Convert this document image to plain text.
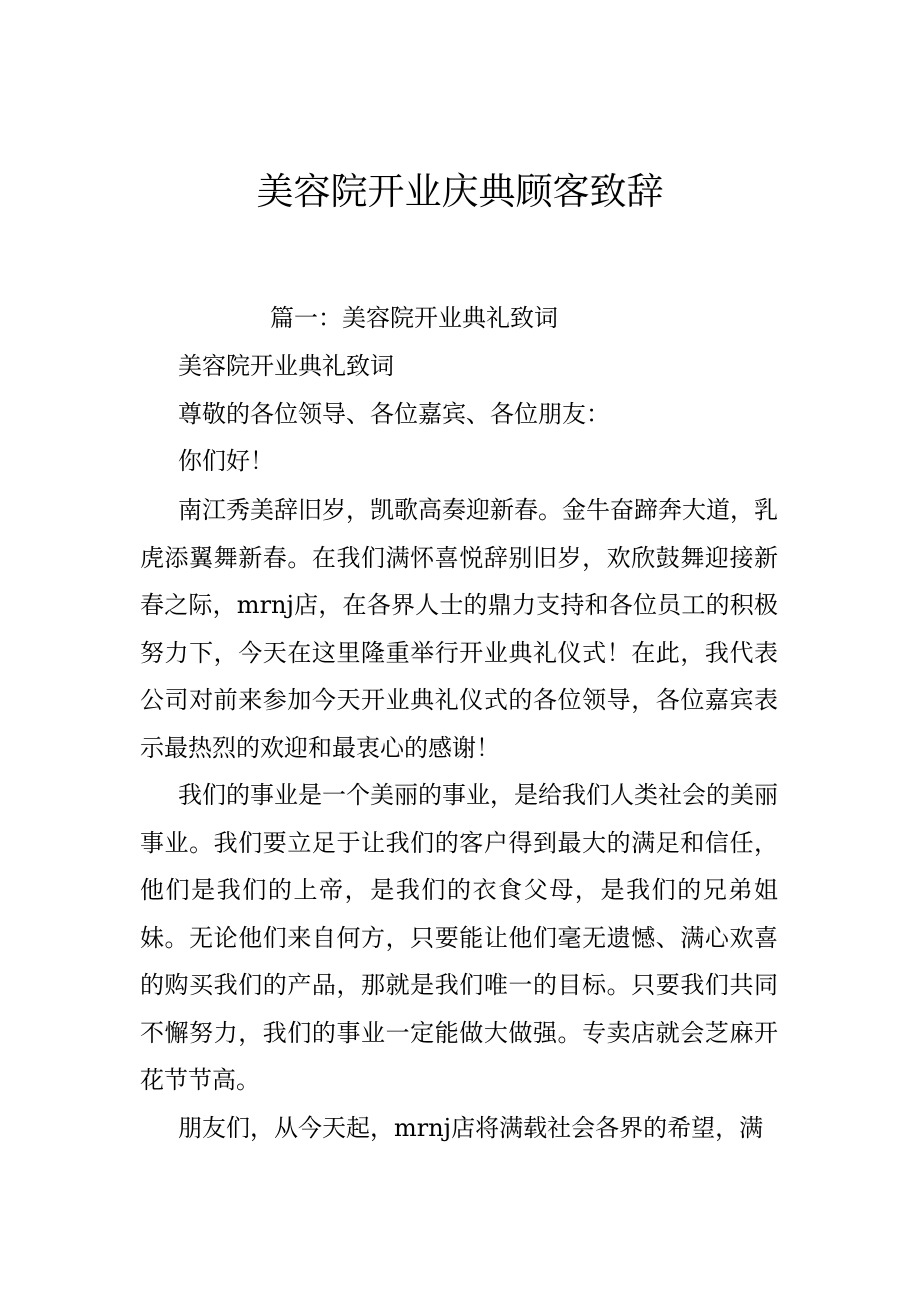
美容院开业庆典顾客致辞

篇一：美容院开业典礼致词

美容院开业典礼致词

尊敬的各位领导、各位嘉宾、各位朋友：

你们好！

南江秀美辞旧岁，凯歌高奏迎新春。金牛奋蹄奔大道，乳虎添翼舞新春。在我们满怀喜悦辞别旧岁，欢欣鼓舞迎接新春之际，mrnj店，在各界人士的鼎力支持和各位员工的积极努力下，今天在这里隆重举行开业典礼仪式！在此，我代表公司对前来参加今天开业典礼仪式的各位领导，各位嘉宾表示最热烈的欢迎和最衷心的感谢！

我们的事业是一个美丽的事业，是给我们人类社会的美丽事业。我们要立足于让我们的客户得到最大的满足和信任，他们是我们的上帝，是我们的衣食父母，是我们的兄弟姐妹。无论他们来自何方，只要能让他们毫无遗憾、满心欢喜的购买我们的产品，那就是我们唯一的目标。只要我们共同不懈努力，我们的事业一定能做大做强。专卖店就会芝麻开花节节高。

朋友们，从今天起，mrnj店将满载社会各界的希望，满
